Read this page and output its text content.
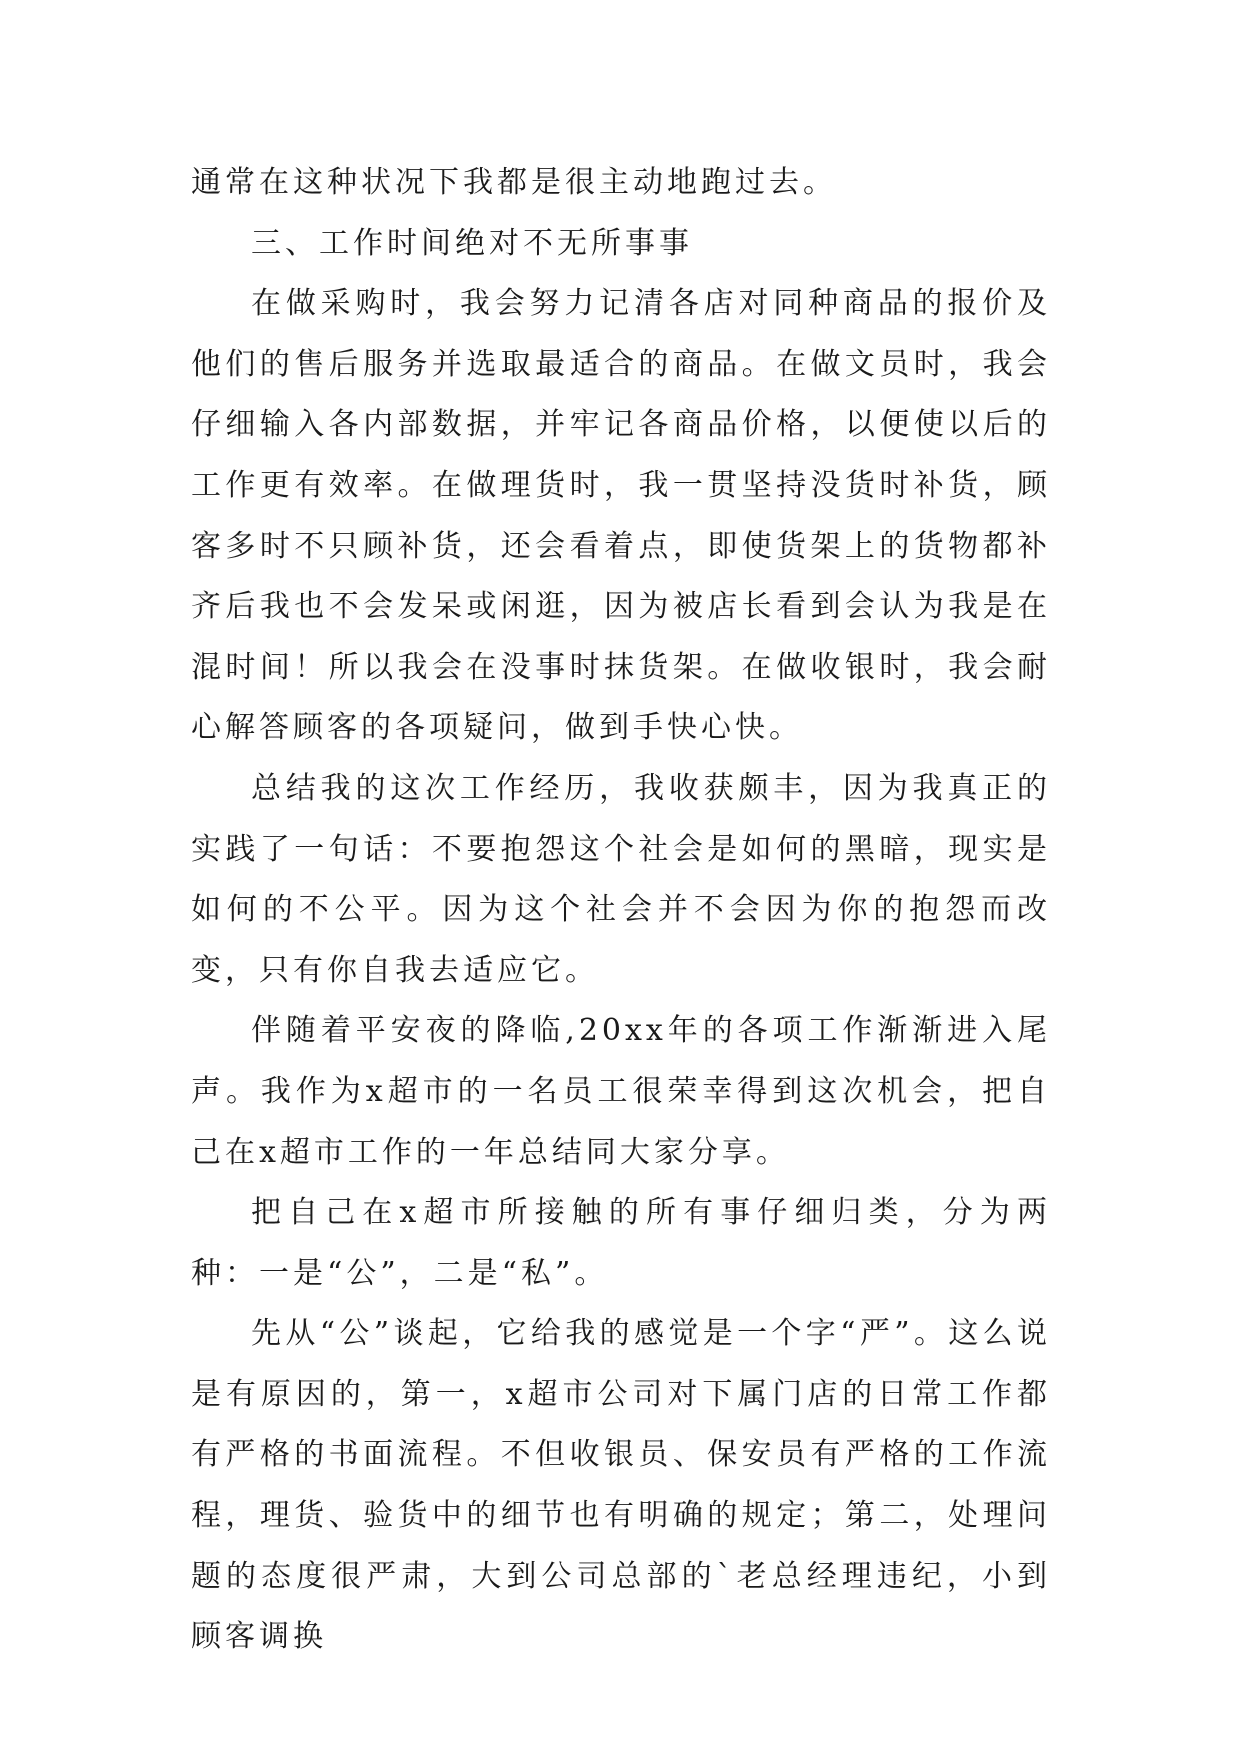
通常在这种状况下我都是很主动地跑过去。

三、工作时间绝对不无所事事

在做采购时，我会努力记清各店对同种商品的报价及他们的售后服务并选取最适合的商品。在做文员时，我会仔细输入各内部数据，并牢记各商品价格，以便使以后的工作更有效率。在做理货时，我一贯坚持没货时补货，顾客多时不只顾补货，还会看着点，即使货架上的货物都补齐后我也不会发呆或闲逛，因为被店长看到会认为我是在混时间！所以我会在没事时抹货架。在做收银时，我会耐心解答顾客的各项疑问，做到手快心快。

总结我的这次工作经历，我收获颇丰，因为我真正的实践了一句话：不要抱怨这个社会是如何的黑暗，现实是如何的不公平。因为这个社会并不会因为你的抱怨而改变，只有你自我去适应它。

伴随着平安夜的降临,20xx年的各项工作渐渐进入尾声。我作为x超市的一名员工很荣幸得到这次机会，把自己在x超市工作的一年总结同大家分享。

把自己在x超市所接触的所有事仔细归类，分为两种：一是“公”，二是“私”。

先从“公”谈起，它给我的感觉是一个字“严”。这么说是有原因的，第一，x超市公司对下属门店的日常工作都有严格的书面流程。不但收银员、保安员有严格的工作流程，理货、验货中的细节也有明确的规定；第二，处理问题的态度很严肃，大到公司总部的`老总经理违纪，小到顾客调换
